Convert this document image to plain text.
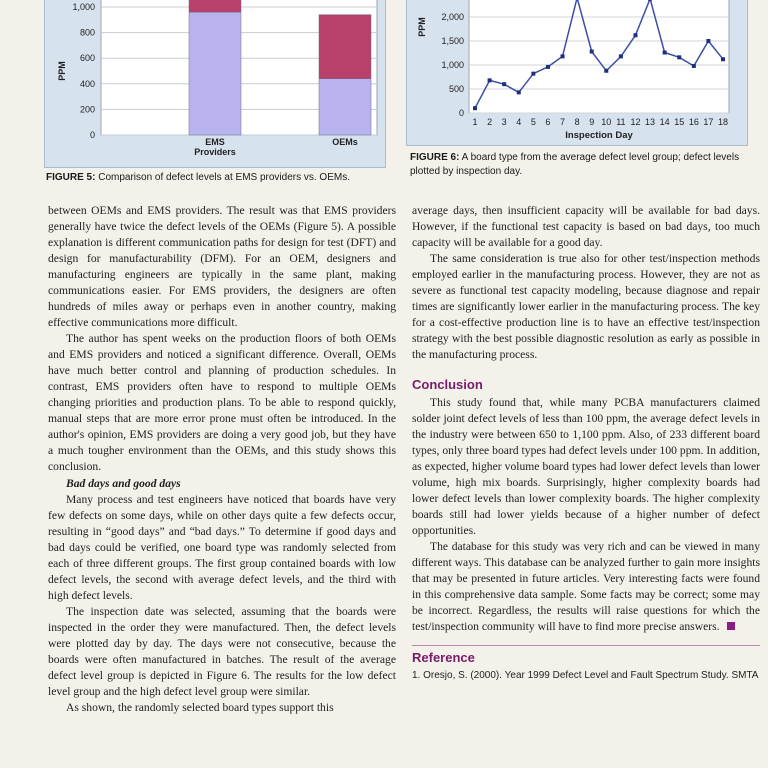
0
200
400
600
800
1,000
PPM
EMS
Providers
OEMs
FIGURE 5: Comparison of defect levels at EMS providers vs. OEMs.
0
500
1,000
1,500
2,000
PPM
1 2 3 4 5 6 7 8 9 10 11 12 13 14 15 16 17 18
Inspection Day
FIGURE 6: A board type from the average defect level group; defect levels plotted by inspection day.

between OEMs and EMS providers. The result was that EMS providers generally have twice the defect levels of the OEMs (Figure 5). A possible explanation is different communication paths for design for test (DFT) and design for manufacturability (DFM). For an OEM, designers and manufacturing engineers are typically in the same plant, making communications easier. For EMS providers, the designers are often hundreds of miles away or perhaps even in another country, making effective communications more difficult.

The author has spent weeks on the production floors of both OEMs and EMS providers and noticed a significant difference. Overall, OEMs have much better control and planning of production schedules. In contrast, EMS providers often have to respond to multiple OEMs changing priorities and production plans. To be able to respond quickly, manual steps that are more error prone must often be introduced. In the author's opinion, EMS providers are doing a very good job, but they have a much tougher environment than the OEMs, and this study shows this conclusion.

Bad days and good days

Many process and test engineers have noticed that boards have very few defects on some days, while on other days quite a few defects occur, resulting in “good days” and “bad days.” To determine if good days and bad days could be verified, one board type was randomly selected from each of three different groups. The first group contained boards with low defect levels, the second with average defect levels, and the third with high defect levels.

The inspection date was selected, assuming that the boards were inspected in the order they were manufactured. Then, the defect levels were plotted day by day. The days were not consecutive, because the boards were often manufactured in batches. The result of the average defect level group is depicted in Figure 6. The results for the low defect level group and the high defect level group were similar.

As shown, the randomly selected board types support this

average days, then insufficient capacity will be available for bad days. However, if the functional test capacity is based on bad days, too much capacity will be available for a good day.

The same consideration is true also for other test/inspection methods employed earlier in the manufacturing process. However, they are not as severe as functional test capacity modeling, because diagnose and repair times are significantly lower earlier in the manufacturing process. The key for a cost-effective production line is to have an effective test/inspection strategy with the best possible diagnostic resolution as early as possible in the manufacturing process.

Conclusion

This study found that, while many PCBA manufacturers claimed solder joint defect levels of less than 100 ppm, the average defect levels in the industry were between 650 to 1,100 ppm. Also, of 233 different board types, only three board types had defect levels under 100 ppm. In addition, as expected, higher volume board types had lower defect levels than lower volume, high mix boards. Surprisingly, higher complexity boards had lower defect levels than lower complexity boards. The higher complexity boards still had lower yields because of a higher number of defect opportunities.

The database for this study was very rich and can be viewed in many different ways. This database can be analyzed further to gain more insights that may be presented in future articles. Very interesting facts were found in this comprehensive data sample. Some facts may be correct; some may be incorrect. Regardless, the results will raise questions for which the test/inspection community will have to find more precise answers.

Reference

1. Oresjo, S. (2000). Year 1999 Defect Level and Fault Spectrum Study. SMTA
